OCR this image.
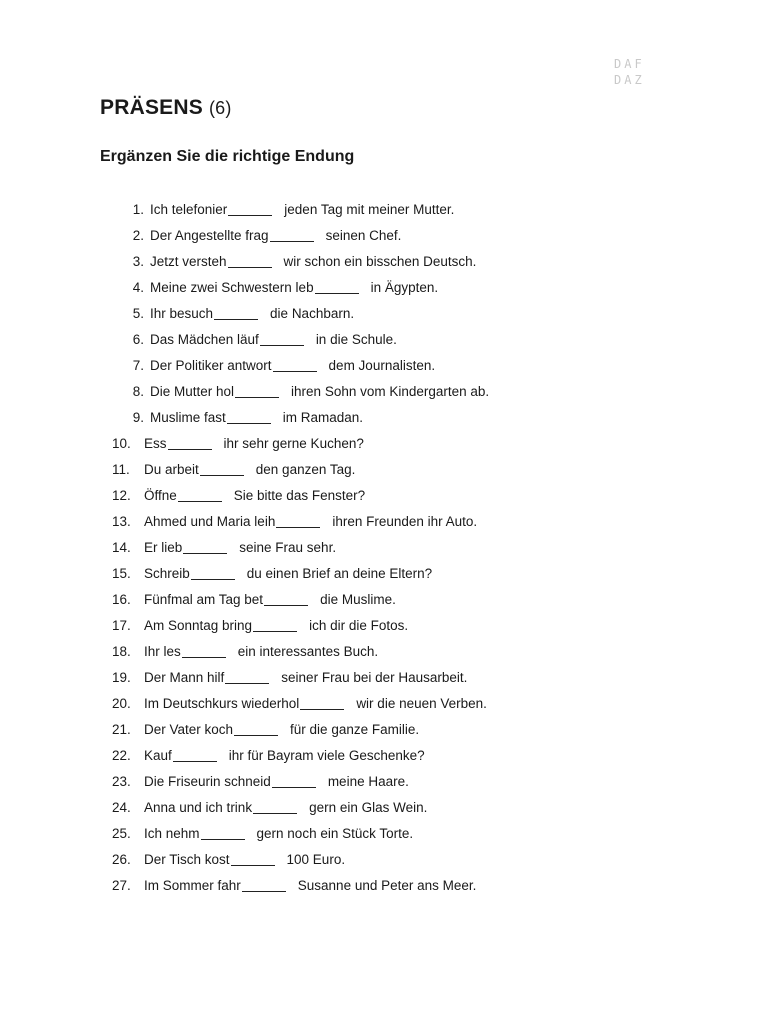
DAF
DAZ
PRÄSENS (6)
Ergänzen Sie die richtige Endung
1. Ich telefonier	jeden Tag mit meiner Mutter.
2. Der Angestellte frag	seinen Chef.
3. Jetzt versteh	wir schon ein bisschen Deutsch.
4. Meine zwei Schwestern leb	in Ägypten.
5. Ihr besuch	die Nachbarn.
6. Das Mädchen läuf	in die Schule.
7. Der Politiker antwort	dem Journalisten.
8. Die Mutter hol	ihren Sohn vom Kindergarten ab.
9. Muslime fast	im Ramadan.
10. Ess	ihr sehr gerne Kuchen?
11.	Du arbeit	den ganzen Tag.
12. Öffne	Sie bitte das Fenster?
13. Ahmed und Maria leih	ihren Freunden ihr Auto.
14. Er lieb	seine Frau sehr.
15. Schreib	du einen Brief an deine Eltern?
16. Fünfmal am Tag bet	die Muslime.
17. Am Sonntag bring	ich dir die Fotos.
18. Ihr les	ein interessantes Buch.
19. Der Mann hilf	seiner Frau bei der Hausarbeit.
20. Im Deutschkurs wiederhol	wir die neuen Verben.
21. Der Vater koch	für die ganze Familie.
22. Kauf	ihr für Bayram viele Geschenke?
23. Die Friseurin schneid	meine Haare.
24. Anna und ich trink	gern ein Glas Wein.
25. Ich nehm	gern noch ein Stück Torte.
26. Der Tisch kost	100 Euro.
27. Im Sommer fahr	Susanne und Peter ans Meer.
